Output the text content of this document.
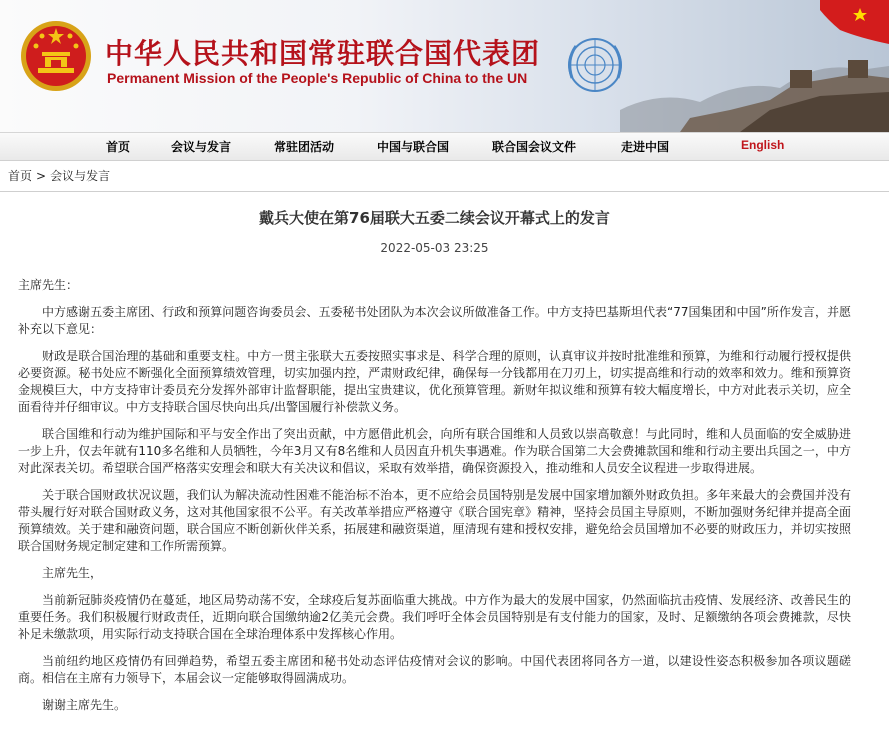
中华人民共和国常驻联合国代表团
Permanent Mission of the People's Republic of China to the UN
首页	会议与发言	常驻团活动	中国与联合国	联合国会议文件	走进中国	English
首页 > 会议与发言
戴兵大使在第76届联大五委二续会议开幕式上的发言
2022-05-03 23:25

主席先生：

中方感谢五委主席团、行政和预算问题咨询委员会、五委秘书处团队为本次会议所做准备工作。中方支持巴基斯坦代表“77国集团和中国”所作发言，并愿补充以下意见：

财政是联合国治理的基础和重要支柱。中方一贯主张联大五委按照实事求是、科学合理的原则，认真审议并按时批准维和预算，为维和行动履行授权提供必要资源。秘书处应不断强化全面预算绩效管理，切实加强内控，严肃财政纪律，确保每一分钱都用在刀刃上，切实提高维和行动的效率和效力。维和预算资金规模巨大，中方支持审计委员充分发挥外部审计监督职能，提出宝贵建议，优化预算管理。新财年拟议维和预算有较大幅度增长，中方对此表示关切，应全面看待并仔细审议。中方支持联合国尽快向出兵/出警国履行补偿款义务。

联合国维和行动为维护国际和平与安全作出了突出贡献，中方愿借此机会，向所有联合国维和人员致以崇高敬意！与此同时，维和人员面临的安全威胁进一步上升，仅去年就有110多名维和人员牺牲，今年3月又有8名维和人员因直升机失事遇难。作为联合国第二大会费摊款国和维和行动主要出兵国之一，中方对此深表关切。希望联合国严格落实安理会和联大有关决议和倡议，采取有效举措，确保资源投入，推动维和人员安全议程进一步取得进展。

关于联合国财政状况议题，我们认为解决流动性困难不能治标不治本，更不应给会员国特别是发展中国家增加额外财政负担。多年来最大的会费国并没有带头履行好对联合国财政义务，这对其他国家很不公平。有关改革举措应严格遵守《联合国宪章》精神，坚持会员国主导原则，不断加强财务纪律并提高全面预算绩效。关于建和融资问题，联合国应不断创新伙伴关系，拓展建和融资渠道，厘清现有建和授权安排，避免给会员国增加不必要的财政压力，并切实按照联合国财务规定制定建和工作所需预算。

主席先生，

当前新冠肺炎疫情仍在蔓延，地区局势动荡不安，全球疫后复苏面临重大挑战。中方作为最大的发展中国家，仍然面临抗击疫情、发展经济、改善民生的重要任务。我们积极履行财政责任，近期向联合国缴纳逾2亿美元会费。我们呼吁全体会员国特别是有支付能力的国家，及时、足额缴纳各项会费摊款，尽快补足未缴款项，用实际行动支持联合国在全球治理体系中发挥核心作用。

当前纽约地区疫情仍有回弹趋势，希望五委主席团和秘书处动态评估疫情对会议的影响。中国代表团将同各方一道，以建设性姿态积极参加各项议题磋商。相信在主席有力领导下，本届会议一定能够取得圆满成功。

谢谢主席先生。
